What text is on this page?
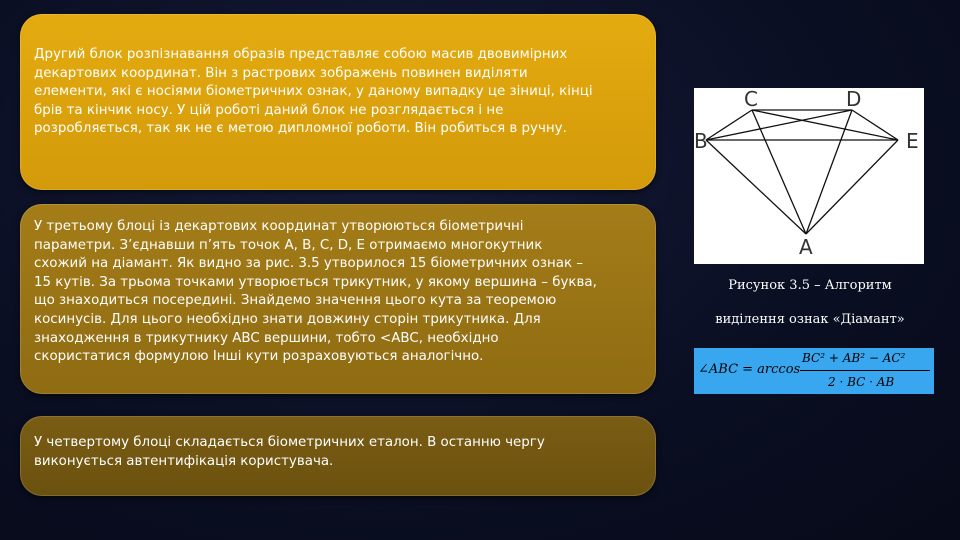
Другий блок розпізнавання образів представляє собою масив двовимірних
декартових координат. Він з растрових зображень повинен виділяти
елементи, які є носіями біометричних ознак, у даному випадку це зіниці, кінці
брів та кінчик носу. У цій роботі даний блок не розглядається і не
розробляється, так як не є метою дипломної роботи. Він робиться в ручну.
У третьому блоці із декартових координат утворюються біометричні
параметри. З’єднавши п’ять точок A, B, C, D, E отримаємо многокутник
схожий на діамант. Як видно за рис. 3.5 утворилося 15 біометричних ознак –
15 кутів. За трьома точками утворюється трикутник, у якому вершина – буква,
що знаходиться посередині. Знайдемо значення цього кута за теоремою
косинусів. Для цього необхідно знати довжину сторін трикутника. Для
знаходження в трикутнику ABC вершини, тобто <ABC, необхідно
скористатися формулою Інші кути розраховуються аналогічно.
У четвертому блоці складається біометричних еталон. В останню чергу
виконується автентифікація користувача.
C	D
B	E
A
Рисунок 3.5 – Алгоритм
виділення ознак «Діамант»
∠ABC = arccos
BC² + AB² − AC²
2 · BC · AB
